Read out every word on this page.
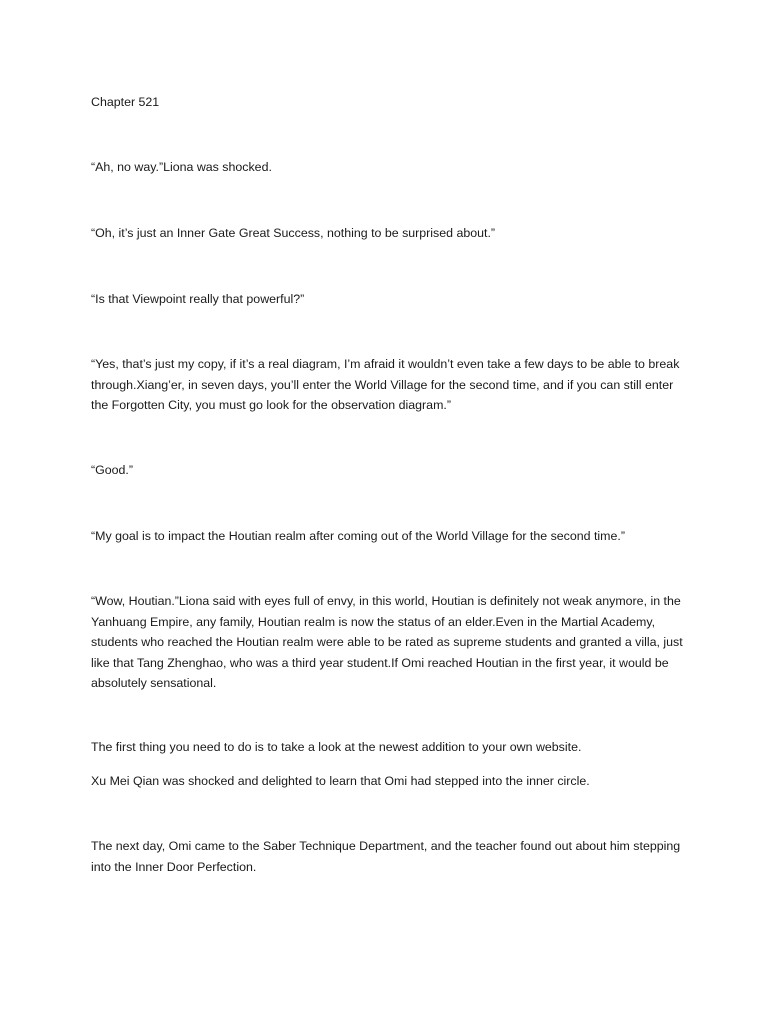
Chapter 521

“Ah, no way.”Liona was shocked.

“Oh, it’s just an Inner Gate Great Success, nothing to be surprised about.”

“Is that Viewpoint really that powerful?”

“Yes, that’s just my copy, if it’s a real diagram, I’m afraid it wouldn’t even take a few days to be able to break through.Xiang’er, in seven days, you’ll enter the World Village for the second time, and if you can still enter the Forgotten City, you must go look for the observation diagram.”

“Good.”

“My goal is to impact the Houtian realm after coming out of the World Village for the second time.”

“Wow, Houtian.”Liona said with eyes full of envy, in this world, Houtian is definitely not weak anymore, in the Yanhuang Empire, any family, Houtian realm is now the status of an elder.Even in the Martial Academy, students who reached the Houtian realm were able to be rated as supreme students and granted a villa, just like that Tang Zhenghao, who was a third year student.If Omi reached Houtian in the first year, it would be absolutely sensational.

The first thing you need to do is to take a look at the newest addition to your own website.

Xu Mei Qian was shocked and delighted to learn that Omi had stepped into the inner circle.

The next day, Omi came to the Saber Technique Department, and the teacher found out about him stepping into the Inner Door Perfection.
